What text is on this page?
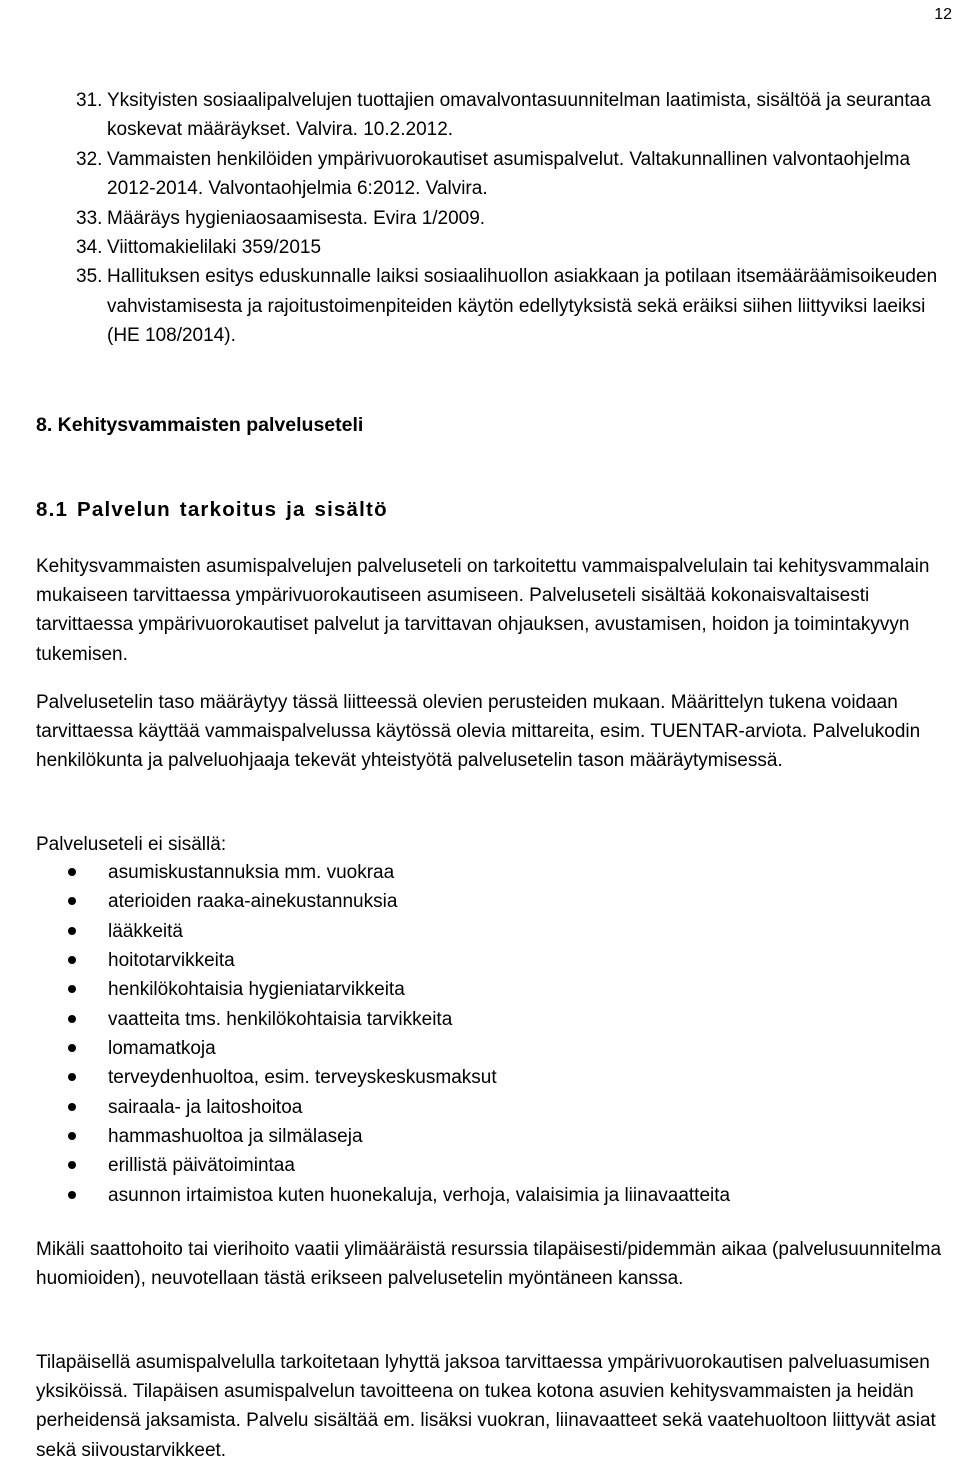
12
31. Yksityisten sosiaalipalvelujen tuottajien omavalvontasuunnitelman laatimista, sisältöä ja seurantaa koskevat määräykset. Valvira. 10.2.2012.
32. Vammaisten henkilöiden ympärivuorokautiset asumispalvelut. Valtakunnallinen valvontaohjelma 2012-2014. Valvontaohjelmia 6:2012. Valvira.
33. Määräys hygieniaosaamisesta. Evira 1/2009.
34. Viittomakielilaki 359/2015
35. Hallituksen esitys eduskunnalle laiksi sosiaalihuollon asiakkaan ja potilaan itsemääräämisoikeuden vahvistamisesta ja rajoitustoimenpiteiden käytön edellytyksistä sekä eräiksi siihen liittyviksi laeiksi (HE 108/2014).
8. Kehitysvammaisten palveluseteli
8.1 Palvelun tarkoitus ja sisältö

Kehitysvammaisten asumispalvelujen palveluseteli on tarkoitettu vammaispalvelulain tai kehitysvammalain mukaiseen tarvittaessa ympärivuorokautiseen asumiseen. Palveluseteli sisältää kokonaisvaltaisesti tarvittaessa ympärivuorokautiset palvelut ja tarvittavan ohjauksen, avustamisen, hoidon ja toimintakyvyn tukemisen.

Palvelusetelin taso määräytyy tässä liitteessä olevien perusteiden mukaan. Määrittelyn tukena voidaan tarvittaessa käyttää vammaispalvelussa käytössä olevia mittareita, esim. TUENTAR-arviota. Palvelukodin henkilökunta ja palveluohjaaja tekevät yhteistyötä palvelusetelin tason määräytymisessä.

Palveluseteli ei sisällä:

asumiskustannuksia mm. vuokraa
aterioiden raaka-ainekustannuksia
lääkkeitä
hoitotarvikkeita
henkilökohtaisia hygieniatarvikkeita
vaatteita tms. henkilökohtaisia tarvikkeita
lomamatkoja
terveydenhuoltoa, esim. terveyskeskusmaksut
sairaala- ja laitoshoitoa
hammashuoltoa ja silmälaseja
erillistä päivätoimintaa
asunnon irtaimistoa kuten huonekaluja, verhoja, valaisimia ja liinavaatteita

Mikäli saattohoito tai vierihoito vaatii ylimääräistä resurssia tilapäisesti/pidemmän aikaa (palvelusuunnitelma huomioiden), neuvotellaan tästä erikseen palvelusetelin myöntäneen kanssa.

Tilapäisellä asumispalvelulla tarkoitetaan lyhyttä jaksoa tarvittaessa ympärivuorokautisen palveluasumisen yksiköissä. Tilapäisen asumispalvelun tavoitteena on tukea kotona asuvien kehitysvammaisten ja heidän perheidensä jaksamista. Palvelu sisältää em. lisäksi vuokran, liinavaatteet sekä vaatehuoltoon liittyvät asiat sekä siivoustarvikkeet.
